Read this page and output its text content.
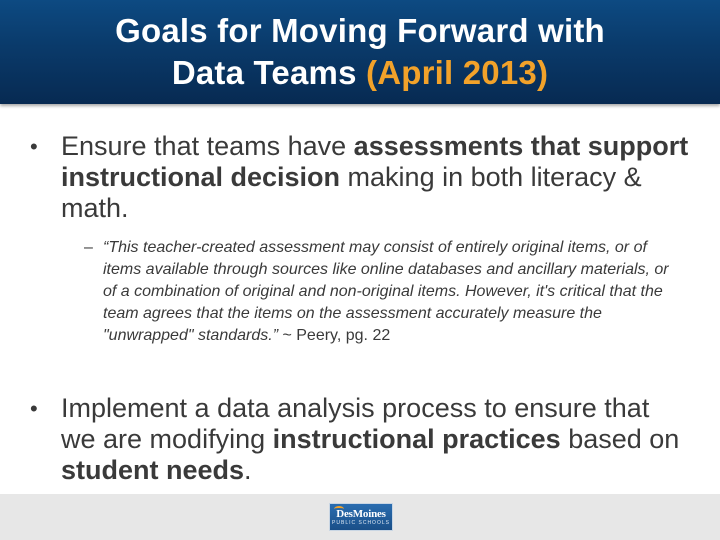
Goals for Moving Forward with
Data Teams (April 2013)
• Ensure that teams have assessments that support instructional decision making in both literacy & math.
– “This teacher-created assessment may consist of entirely original items, or of items available through sources like online databases and ancillary materials, or of a combination of original and non-original items. However, it's critical that the team agrees that the items on the assessment accurately measure the "unwrapped" standards.” ~ Peery, pg. 22
• Implement a data analysis process to ensure that we are modifying instructional practices based on student needs.
DesMoines
PUBLIC SCHOOLS
